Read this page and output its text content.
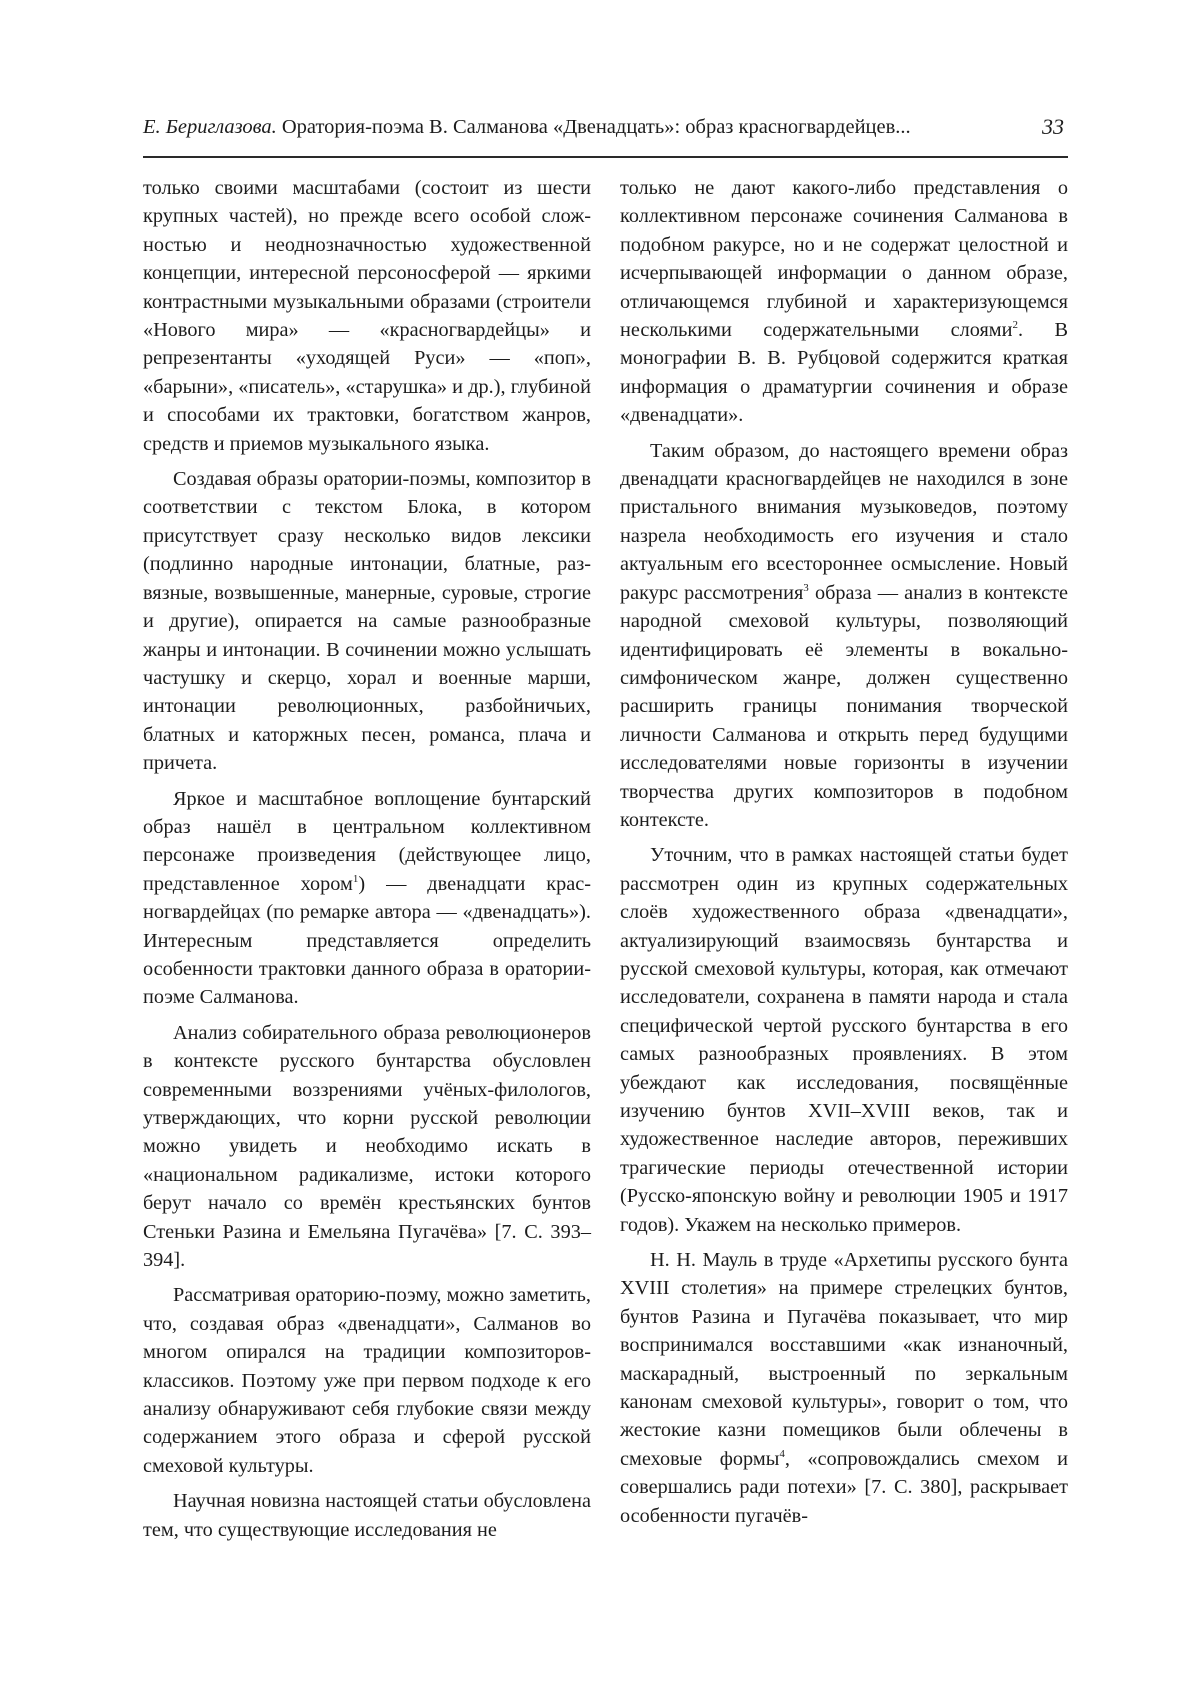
Е. Бериглазова. Оратория-поэма В. Салманова «Двенадцать»: образ красногвардейцев...	33

только своими масштабами (состоит из шести крупных частей), но прежде всего особой сложностью и неоднозначностью художественной концепции, интересной персоносферой — яркими контрастными музыкальными образами (строители «Нового мира» — «красногвардейцы» и репрезентанты «уходящей Руси» — «поп», «барыни», «писатель», «старушка» и др.), глубиной и способами их трактовки, богатством жанров, средств и приемов музыкального языка.

Создавая образы оратории-поэмы, композитор в соответствии с текстом Блока, в котором присутствует сразу несколько видов лексики (подлинно народные интонации, блатные, развязные, возвышенные, манерные, суровые, строгие и другие), опирается на самые разнообразные жанры и интонации. В сочинении можно услышать частушку и скерцо, хорал и военные марши, интонации революционных, разбойничьих, блатных и каторжных песен, романса, плача и причета.

Яркое и масштабное воплощение бунтарский образ нашёл в центральном коллективном персонаже произведения (действующее лицо, представленное хором$^1$) — двенадцати красногвардейцах (по ремарке автора — «двенадцать»). Интересным представляется определить особенности трактовки данного образа в оратории-поэме Салманова.

Анализ собирательного образа революционеров в контексте русского бунтарства обусловлен современными воззрениями учёных-филологов, утверждающих, что корни русской революции можно увидеть и необходимо искать в «национальном радикализме, истоки которого берут начало со времён крестьянских бунтов Стеньки Разина и Емельяна Пугачёва» [7. С. 393–394].

Рассматривая ораторию-поэму, можно заметить, что, создавая образ «двенадцати», Салманов во многом опирался на традиции композиторов-классиков. Поэтому уже при первом подходе к его анализу обнаруживают себя глубокие связи между содержанием этого образа и сферой русской смеховой культуры.

Научная новизна настоящей статьи обусловлена тем, что существующие исследования не

только не дают какого-либо представления о коллективном персонаже сочинения Салманова в подобном ракурсе, но и не содержат целостной и исчерпывающей информации о данном образе, отличающемся глубиной и характеризующемся несколькими содержательными слоями$^2$. В монографии В. В. Рубцовой содержится краткая информация о драматургии сочинения и образе «двенадцати».

Таким образом, до настоящего времени образ двенадцати красногвардейцев не находился в зоне пристального внимания музыковедов, поэтому назрела необходимость его изучения и стало актуальным его всестороннее осмысление. Новый ракурс рассмотрения$^3$ образа — анализ в контексте народной смеховой культуры, позволяющий идентифицировать её элементы в вокально-симфоническом жанре, должен существенно расширить границы понимания творческой личности Салманова и открыть перед будущими исследователями новые горизонты в изучении творчества других композиторов в подобном контексте.

Уточним, что в рамках настоящей статьи будет рассмотрен один из крупных содержательных слоёв художественного образа «двенадцати», актуализирующий взаимосвязь бунтарства и русской смеховой культуры, которая, как отмечают исследователи, сохранена в памяти народа и стала специфической чертой русского бунтарства в его самых разнообразных проявлениях. В этом убеждают как исследования, посвящённые изучению бунтов XVII–XVIII веков, так и художественное наследие авторов, переживших трагические периоды отечественной истории (Русско-японскую войну и революции 1905 и 1917 годов). Укажем на несколько примеров.

Н. Н. Мауль в труде «Архетипы русского бунта XVIII столетия» на примере стрелецких бунтов, бунтов Разина и Пугачёва показывает, что мир воспринимался восставшими «как изнаночный, маскарадный, выстроенный по зеркальным канонам смеховой культуры», говорит о том, что жестокие казни помещиков были облечены в смеховые формы$^4$, «сопровождались смехом и совершались ради потехи» [7. С. 380], раскрывает особенности пугачёв-
